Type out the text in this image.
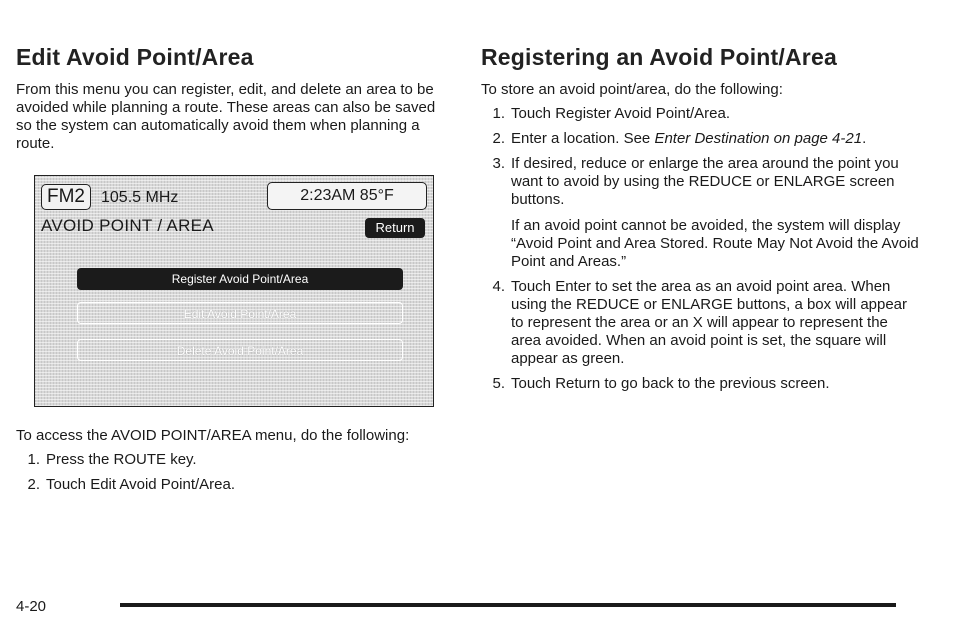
Edit Avoid Point/Area

From this menu you can register, edit, and delete an area to be avoided while planning a route. These areas can also be saved so the system can automatically avoid them when planning a route.

FM2	105.5 MHz	2:23AM 85°F
AVOID POINT / AREA	Return
Register Avoid Point/Area
Edit Avoid Point/Area
Delete Avoid Point/Area

To access the AVOID POINT/AREA menu, do the following:

1. Press the ROUTE key.
2. Touch Edit Avoid Point/Area.
Registering an Avoid Point/Area

To store an avoid point/area, do the following:

1. Touch Register Avoid Point/Area.
2. Enter a location. See Enter Destination on page 4-21.
3. If desired, reduce or enlarge the area around the point you want to avoid by using the REDUCE or ENLARGE screen buttons.
If an avoid point cannot be avoided, the system will display “Avoid Point and Area Stored. Route May Not Avoid the Avoid Point and Areas.”
4. Touch Enter to set the area as an avoid point area. When using the REDUCE or ENLARGE buttons, a box will appear to represent the area or an X will appear to represent the area avoided. When an avoid point is set, the square will appear as green.
5. Touch Return to go back to the previous screen.
4-20
